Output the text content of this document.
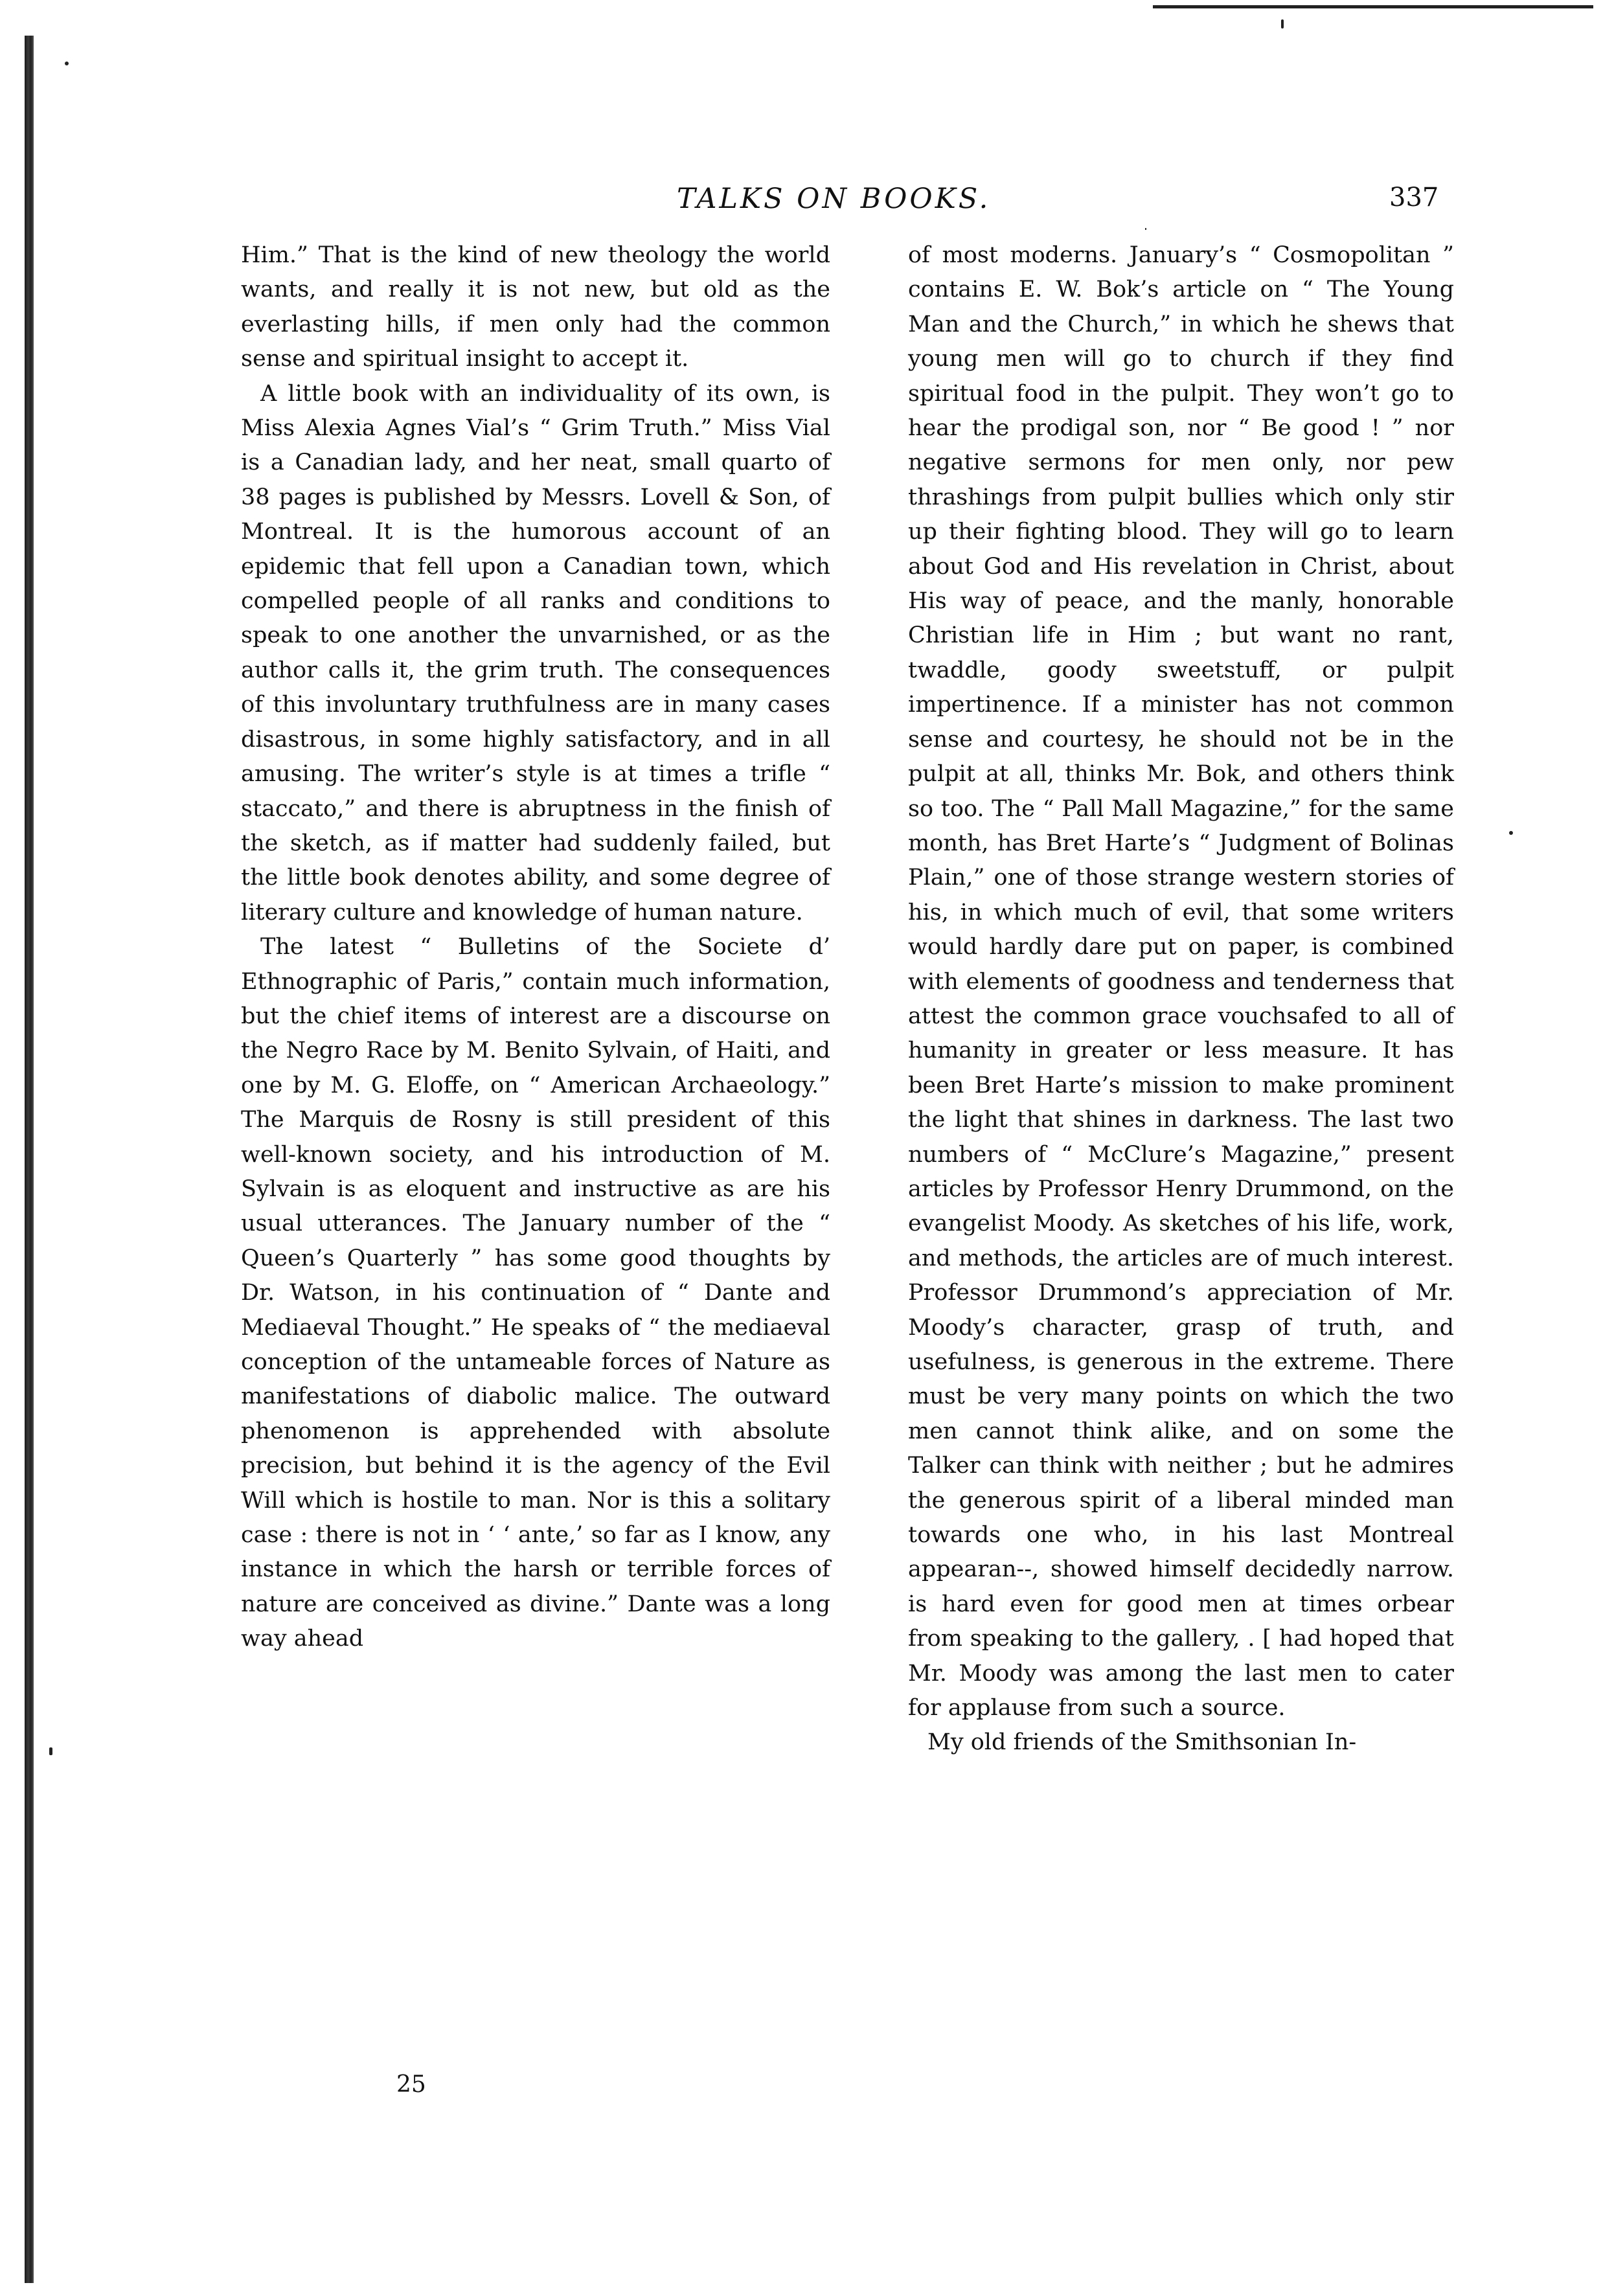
TALKS ON BOOKS.	337

Him.” That is the kind of new theology the world wants, and really it is not new, but old as the everlasting hills, if men only had the common sense and spiritual insight to accept it.

A little book with an individuality of its own, is Miss Alexia Agnes Vial’s “ Grim Truth.” Miss Vial is a Canadian lady, and her neat, small quarto of 38 pages is published by Messrs. Lovell & Son, of Montreal. It is the humorous account of an epidemic that fell upon a Canadian town, which compelled people of all ranks and conditions to speak to one another the unvarnished, or as the author calls it, the grim truth. The consequences of this involuntary truthfulness are in many cases disastrous, in some highly satisfactory, and in all amusing. The writer’s style is at times a trifle “ staccato,” and there is abruptness in the finish of the sketch, as if matter had suddenly failed, but the little book denotes ability, and some degree of literary culture and knowledge of human nature.

The latest “ Bulletins of the Societe d’ Ethnographic of Paris,” contain much information, but the chief items of interest are a discourse on the Negro Race by M. Benito Sylvain, of Haiti, and one by M. G. Eloffe, on “ American Archaeology.” The Marquis de Rosny is still president of this well-known society, and his introduction of M. Sylvain is as eloquent and instructive as are his usual utterances. The January number of the “ Queen’s Quarterly ” has some good thoughts by Dr. Watson, in his continuation of “ Dante and Mediaeval Thought.” He speaks of “ the mediaeval conception of the untameable forces of Nature as manifestations of diabolic malice. The outward phenomenon is apprehended with absolute precision, but behind it is the agency of the Evil Will which is hostile to man. Nor is this a solitary case : there is not in ‘ ‘ ante,’ so far as I know, any instance in which the harsh or terrible forces of nature are conceived as divine.” Dante was a long way ahead

of most moderns. January’s “ Cosmopolitan ” contains E. W. Bok’s article on “ The Young Man and the Church,” in which he shews that young men will go to church if they find spiritual food in the pulpit. They won’t go to hear the prodigal son, nor “ Be good ! ” nor negative sermons for men only, nor pew thrashings from pulpit bullies which only stir up their fighting blood. They will go to learn about God and His revelation in Christ, about His way of peace, and the manly, honorable Christian life in Him ; but want no rant, twaddle, goody sweetstuff, or pulpit impertinence. If a minister has not common sense and courtesy, he should not be in the pulpit at all, thinks Mr. Bok, and others think so too. The “ Pall Mall Magazine,” for the same month, has Bret Harte’s “ Judgment of Bolinas Plain,” one of those strange western stories of his, in which much of evil, that some writers would hardly dare put on paper, is combined with elements of goodness and tenderness that attest the common grace vouchsafed to all of humanity in greater or less measure. It has been Bret Harte’s mission to make prominent the light that shines in darkness. The last two numbers of “ McClure’s Magazine,” present articles by Professor Henry Drummond, on the evangelist Moody. As sketches of his life, work, and methods, the articles are of much interest. Professor Drummond’s appreciation of Mr. Moody’s character, grasp of truth, and usefulness, is generous in the extreme. There must be very many points on which the two men cannot think alike, and on some the Talker can think with neither ; but he admires the generous spirit of a liberal minded man towards one who, in his last Montreal appearan‑‑, showed himself decidedly narrow. is hard even for good men at times orbear from speaking to the gallery, . [ had hoped that Mr. Moody was among the last men to cater for applause from such a source.

My old friends of the Smithsonian In-

25
